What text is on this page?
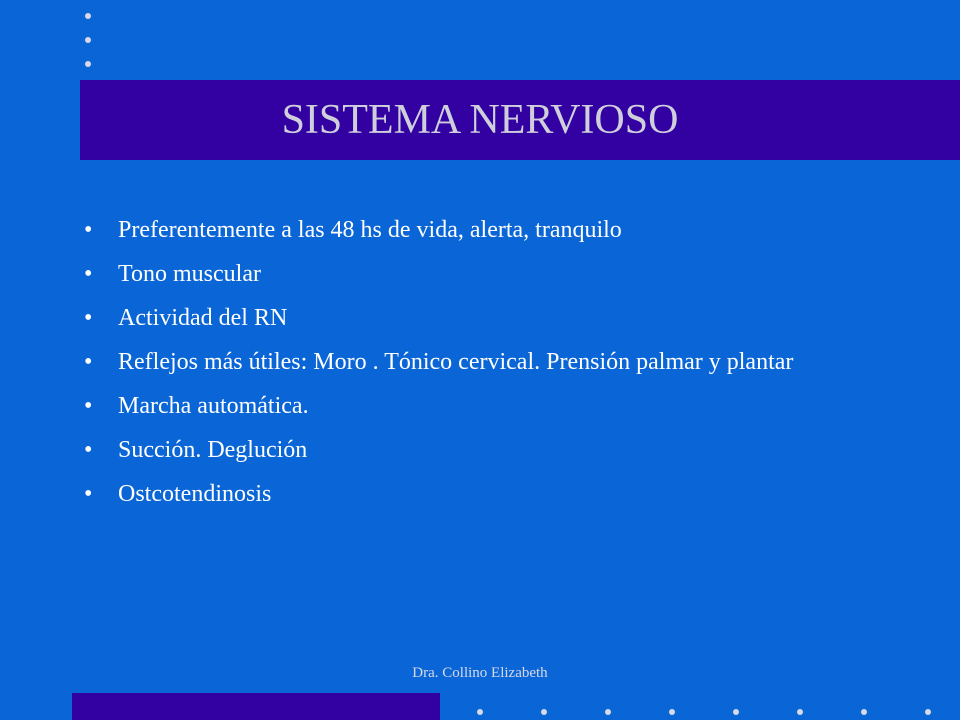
SISTEMA NERVIOSO
• Preferentemente a las 48 hs de vida, alerta, tranquilo
• Tono muscular
• Actividad del RN
• Reflejos más útiles: Moro . Tónico cervical. Prensión palmar y plantar
• Marcha automática.
• Succión. Deglución
• Ostcotendinosis
Dra. Collino Elizabeth
